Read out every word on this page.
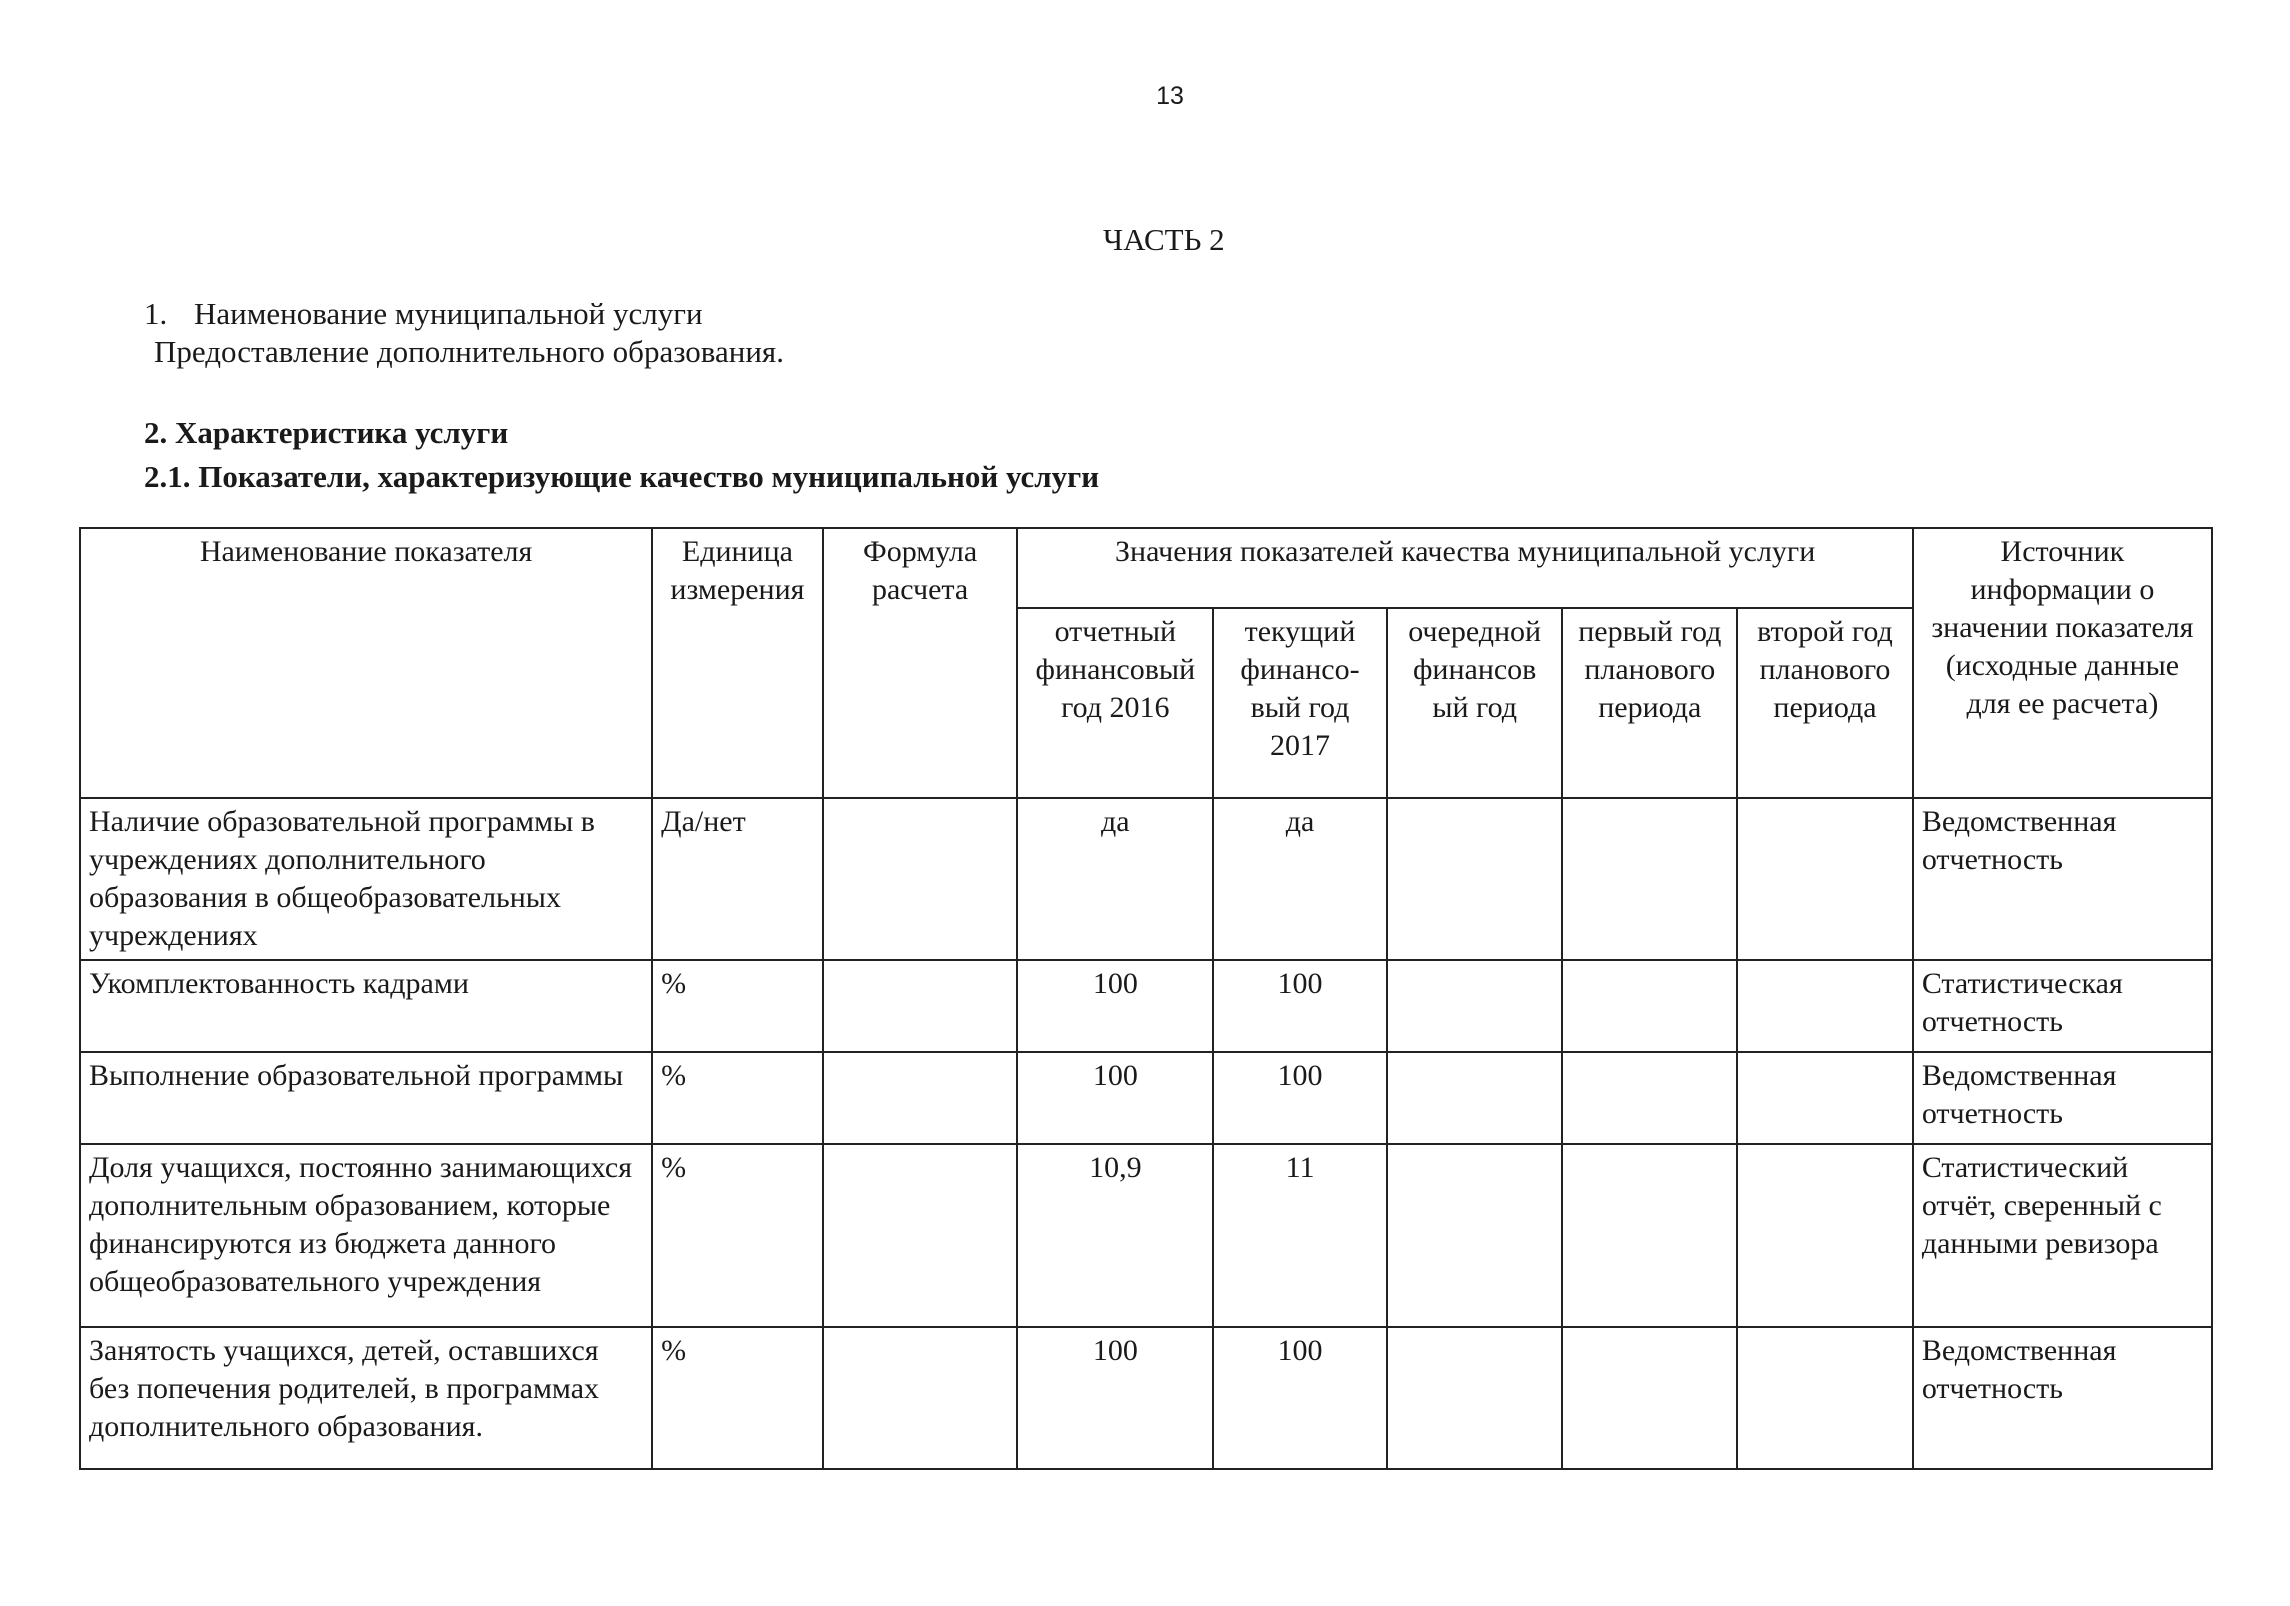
13
ЧАСТЬ 2
1. Наименование муниципальной услуги
Предоставление дополнительного образования.
2. Характеристика услуги
2.1. Показатели, характеризующие качество муниципальной услуги
Наименование показателя	Единица измерения	Формула расчета	Значения показателей качества муниципальной услуги					Источник информации о значении показателя (исходные данные для ее расчета)
			отчетный финансовый год 2016	текущий финансо-вый год 2017	очередной финансов ый год	первый год планового периода	второй год планового периода	
Наличие образовательной программы в учреждениях дополнительного образования в общеобразовательных учреждениях	Да/нет		да	да				Ведомственная отчетность
Укомплектованность кадрами	%		100	100				Статистическая отчетность
Выполнение образовательной программы	%		100	100				Ведомственная отчетность
Доля учащихся, постоянно занимающихся дополнительным образованием, которые финансируются из бюджета данного общеобразовательного учреждения	%		10,9	11				Статистический отчёт, сверенный с данными ревизора
Занятость учащихся, детей, оставшихся без попечения родителей, в программах дополнительного образования.	%		100	100				Ведомственная отчетность
